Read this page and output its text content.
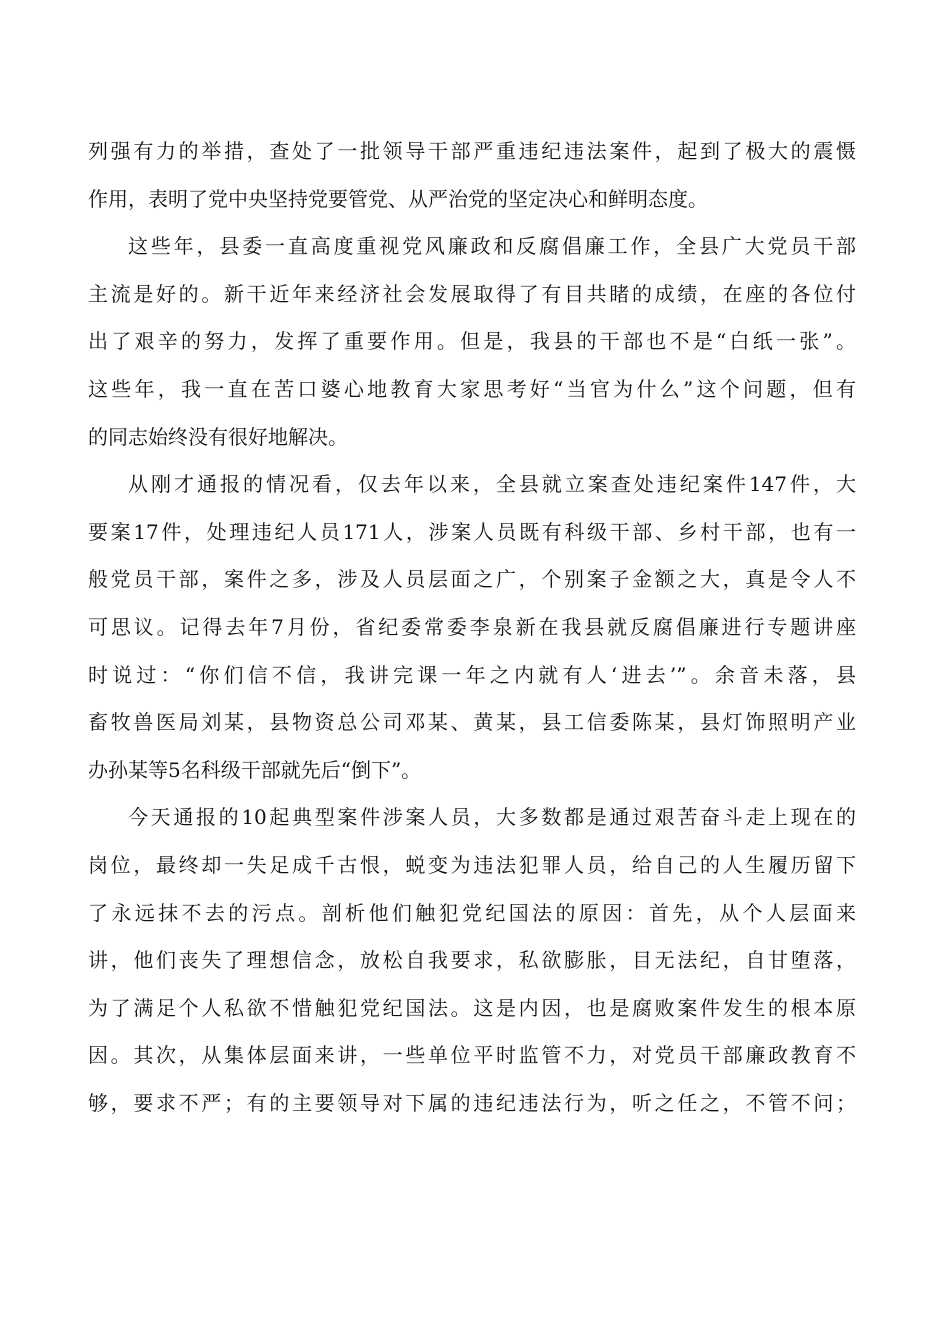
列强有力的举措，查处了一批领导干部严重违纪违法案件，起到了极大的震慑
作用，表明了党中央坚持党要管党、从严治党的坚定决心和鲜明态度。
这些年，县委一直高度重视党风廉政和反腐倡廉工作，全县广大党员干部
主流是好的。新干近年来经济社会发展取得了有目共睹的成绩，在座的各位付
出了艰辛的努力，发挥了重要作用。但是，我县的干部也不是“白纸一张”。
这些年，我一直在苦口婆心地教育大家思考好“当官为什么”这个问题，但有
的同志始终没有很好地解决。
从刚才通报的情况看，仅去年以来，全县就立案查处违纪案件147件，大
要案17件，处理违纪人员171人，涉案人员既有科级干部、乡村干部，也有一
般党员干部，案件之多，涉及人员层面之广，个别案子金额之大，真是令人不
可思议。记得去年7月份，省纪委常委李泉新在我县就反腐倡廉进行专题讲座
时说过：“你们信不信，我讲完课一年之内就有人‘进去’”。余音未落，县
畜牧兽医局刘某，县物资总公司邓某、黄某，县工信委陈某，县灯饰照明产业
办孙某等5名科级干部就先后“倒下”。
今天通报的10起典型案件涉案人员，大多数都是通过艰苦奋斗走上现在的
岗位，最终却一失足成千古恨，蜕变为违法犯罪人员，给自己的人生履历留下
了永远抹不去的污点。剖析他们触犯党纪国法的原因：首先，从个人层面来
讲，他们丧失了理想信念，放松自我要求，私欲膨胀，目无法纪，自甘堕落，
为了满足个人私欲不惜触犯党纪国法。这是内因，也是腐败案件发生的根本原
因。其次，从集体层面来讲，一些单位平时监管不力，对党员干部廉政教育不
够，要求不严；有的主要领导对下属的违纪违法行为，听之任之，不管不问；
